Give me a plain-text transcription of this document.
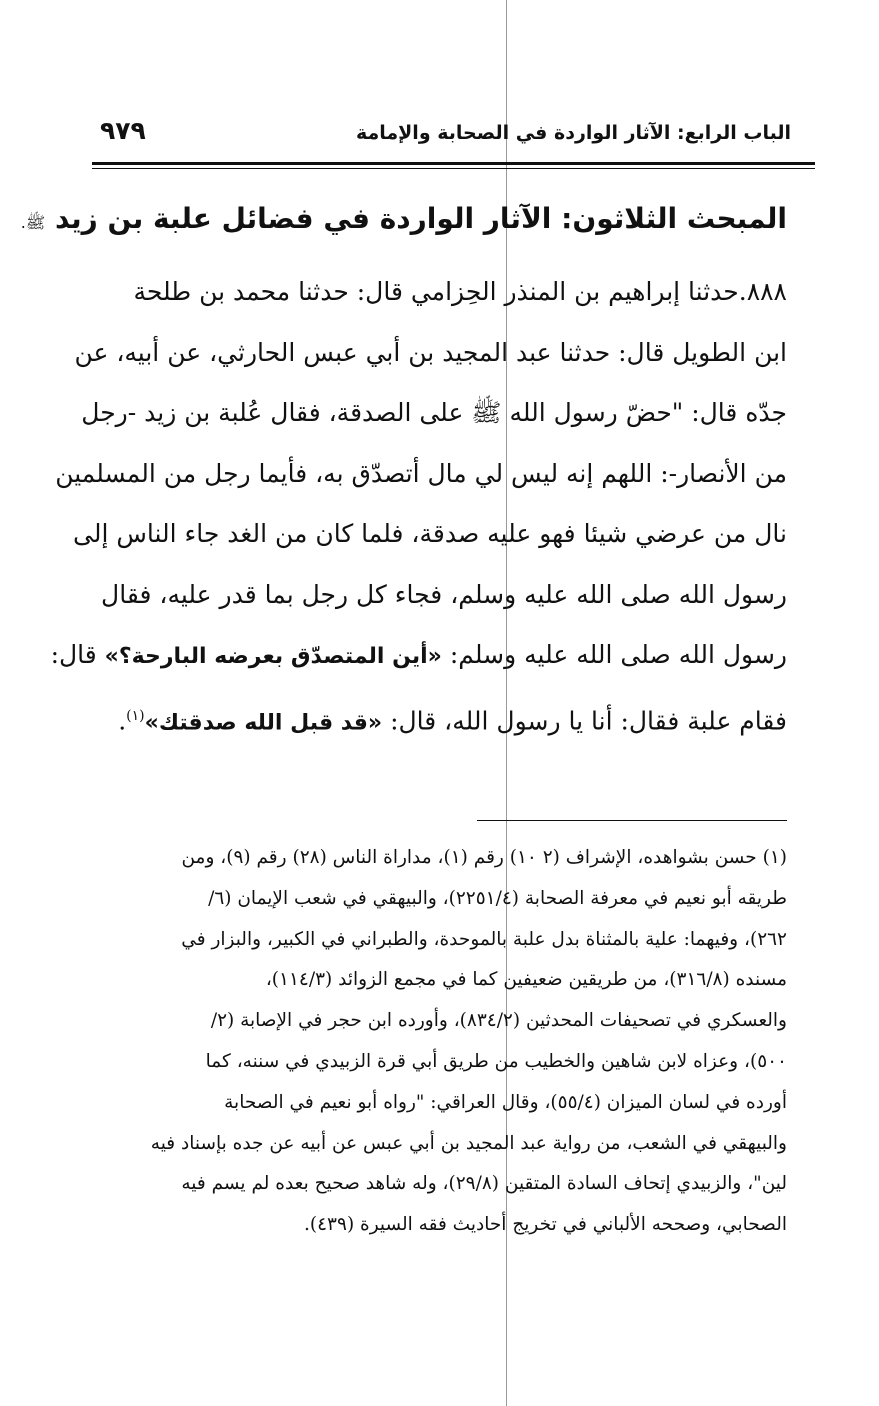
الباب الرابع: الآثار الواردة في الصحابة والإمامة
٩٧٩
المبحث الثلاثون: الآثار الواردة في فضائل علبة بن زيد ﷺ.
٨٨٨.حدثنا إبراهيم بن المنذر الحِزامي قال: حدثنا محمد بن طلحة
ابن الطويل قال: حدثنا عبد المجيد بن أبي عبس الحارثي، عن أبيه، عن
جدّه قال: "حضّ رسول الله ﷺ على الصدقة، فقال عُلبة بن زيد -رجل
من الأنصار-: اللهم إنه ليس لي مال أتصدّق به، فأيما رجل من المسلمين
نال من عرضي شيئا فهو عليه صدقة، فلما كان من الغد جاء الناس إلى
رسول الله صلى الله عليه وسلم، فجاء كل رجل بما قدر عليه، فقال
رسول الله صلى الله عليه وسلم: «أين المتصدّق بعرضه البارحة؟» قال:
فقام علبة فقال: أنا يا رسول الله، قال: «قد قبل الله صدقتك»$^{(١)}$.
(١) حسن بشواهده، الإشراف (٢ ١٠) رقم (١)، مداراة الناس (٢٨) رقم (٩)، ومن
طريقه أبو نعيم في معرفة الصحابة (٢٢٥١/٤)، والبيهقي في شعب الإيمان (٦/
٢٦٢)، وفيهما: علية بالمثناة بدل علبة بالموحدة، والطبراني في الكبير، والبزار في
مسنده (٣١٦/٨)، من طريقين ضعيفين كما في مجمع الزوائد (١١٤/٣)،
والعسكري في تصحيفات المحدثين (٨٣٤/٢)، وأورده ابن حجر في الإصابة (٢/
٥٠٠)، وعزاه لابن شاهين والخطيب من طريق أبي قرة الزبيدي في سننه، كما
أورده في لسان الميزان (٥٥/٤)، وقال العراقي: "رواه أبو نعيم في الصحابة
والبيهقي في الشعب، من رواية عبد المجيد بن أبي عبس عن أبيه عن جده بإسناد فيه
لين"، والزبيدي إتحاف السادة المتقين (٢٩/٨)، وله شاهد صحيح بعده لم يسم فيه
الصحابي، وصححه الألباني في تخريج أحاديث فقه السيرة (٤٣٩).
